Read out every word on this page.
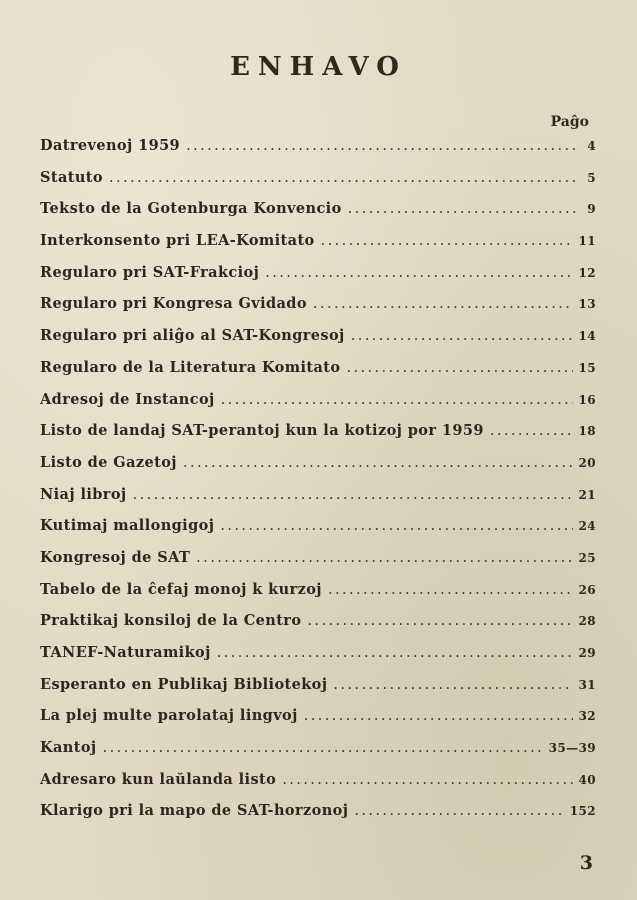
ENHAVO
Paĝo
Datrevenoj 1959 .....	4
Statuto .....	5
Teksto de la Gotenburga Konvencio .....	9
Interkonsento pri LEA-Komitato .....	11
Regularo pri SAT-Frakcioj .....	12
Regularo pri Kongresa Gvidado .....	13
Regularo pri aliĝo al SAT-Kongresoj .....	14
Regularo de la Literatura Komitato .....	15
Adresoj de Instancoj .....	16
Listo de landaj SAT-perantoj kun la kotizoj por 1959 .....	18
Listo de Gazetoj .....	20
Niaj libroj .....	21
Kutimaj mallongigoj .....	24
Kongresoj de SAT .....	25
Tabelo de la ĉefaj monoj k kurzoj .....	26
Praktikaj konsiloj de la Centro .....	28
TANEF-Naturamikoj .....	29
Esperanto en Publikaj Bibliotekoj .....	31
La plej multe parolataj lingvoj .....	32
Kantoj .....	35—39
Adresaro kun laŭlanda listo .....	40
Klarigo pri la mapo de SAT-horzonoj .....	152
3
